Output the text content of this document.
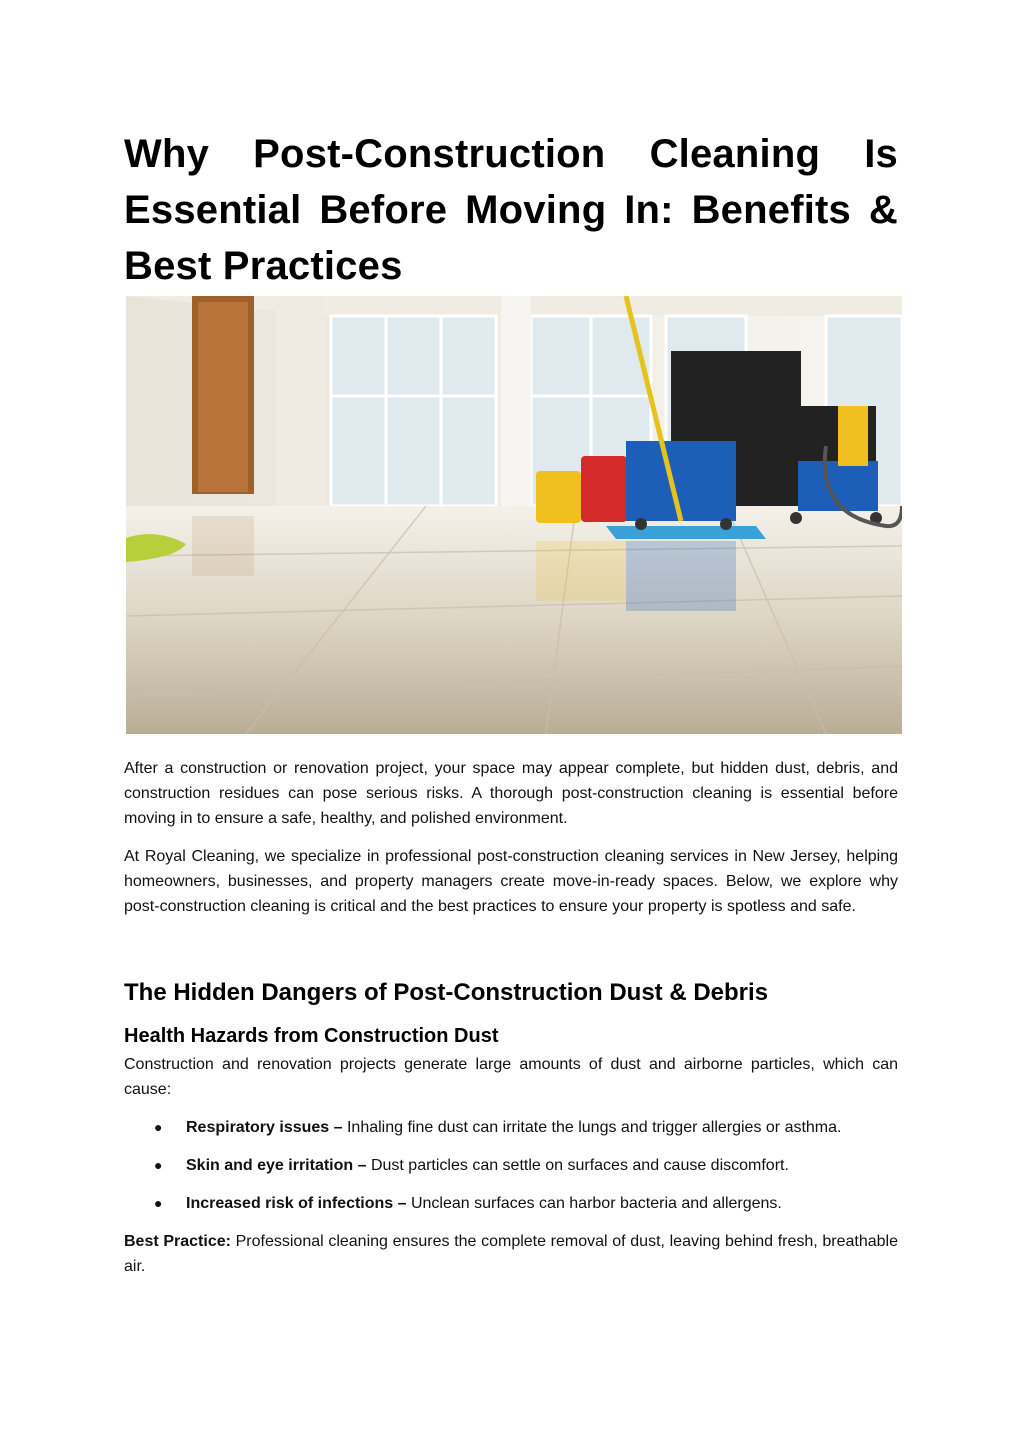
Why Post-Construction Cleaning Is Essential Before Moving In: Benefits & Best Practices

After a construction or renovation project, your space may appear complete, but hidden dust, debris, and construction residues can pose serious risks. A thorough post-construction cleaning is essential before moving in to ensure a safe, healthy, and polished environment.

At Royal Cleaning, we specialize in professional post-construction cleaning services in New Jersey, helping homeowners, businesses, and property managers create move-in-ready spaces. Below, we explore why post-construction cleaning is critical and the best practices to ensure your property is spotless and safe.

The Hidden Dangers of Post-Construction Dust & Debris
Health Hazards from Construction Dust

Construction and renovation projects generate large amounts of dust and airborne particles, which can cause:

● Respiratory issues – Inhaling fine dust can irritate the lungs and trigger allergies or asthma.
● Skin and eye irritation – Dust particles can settle on surfaces and cause discomfort.
● Increased risk of infections – Unclean surfaces can harbor bacteria and allergens.

Best Practice: Professional cleaning ensures the complete removal of dust, leaving behind fresh, breathable air.
